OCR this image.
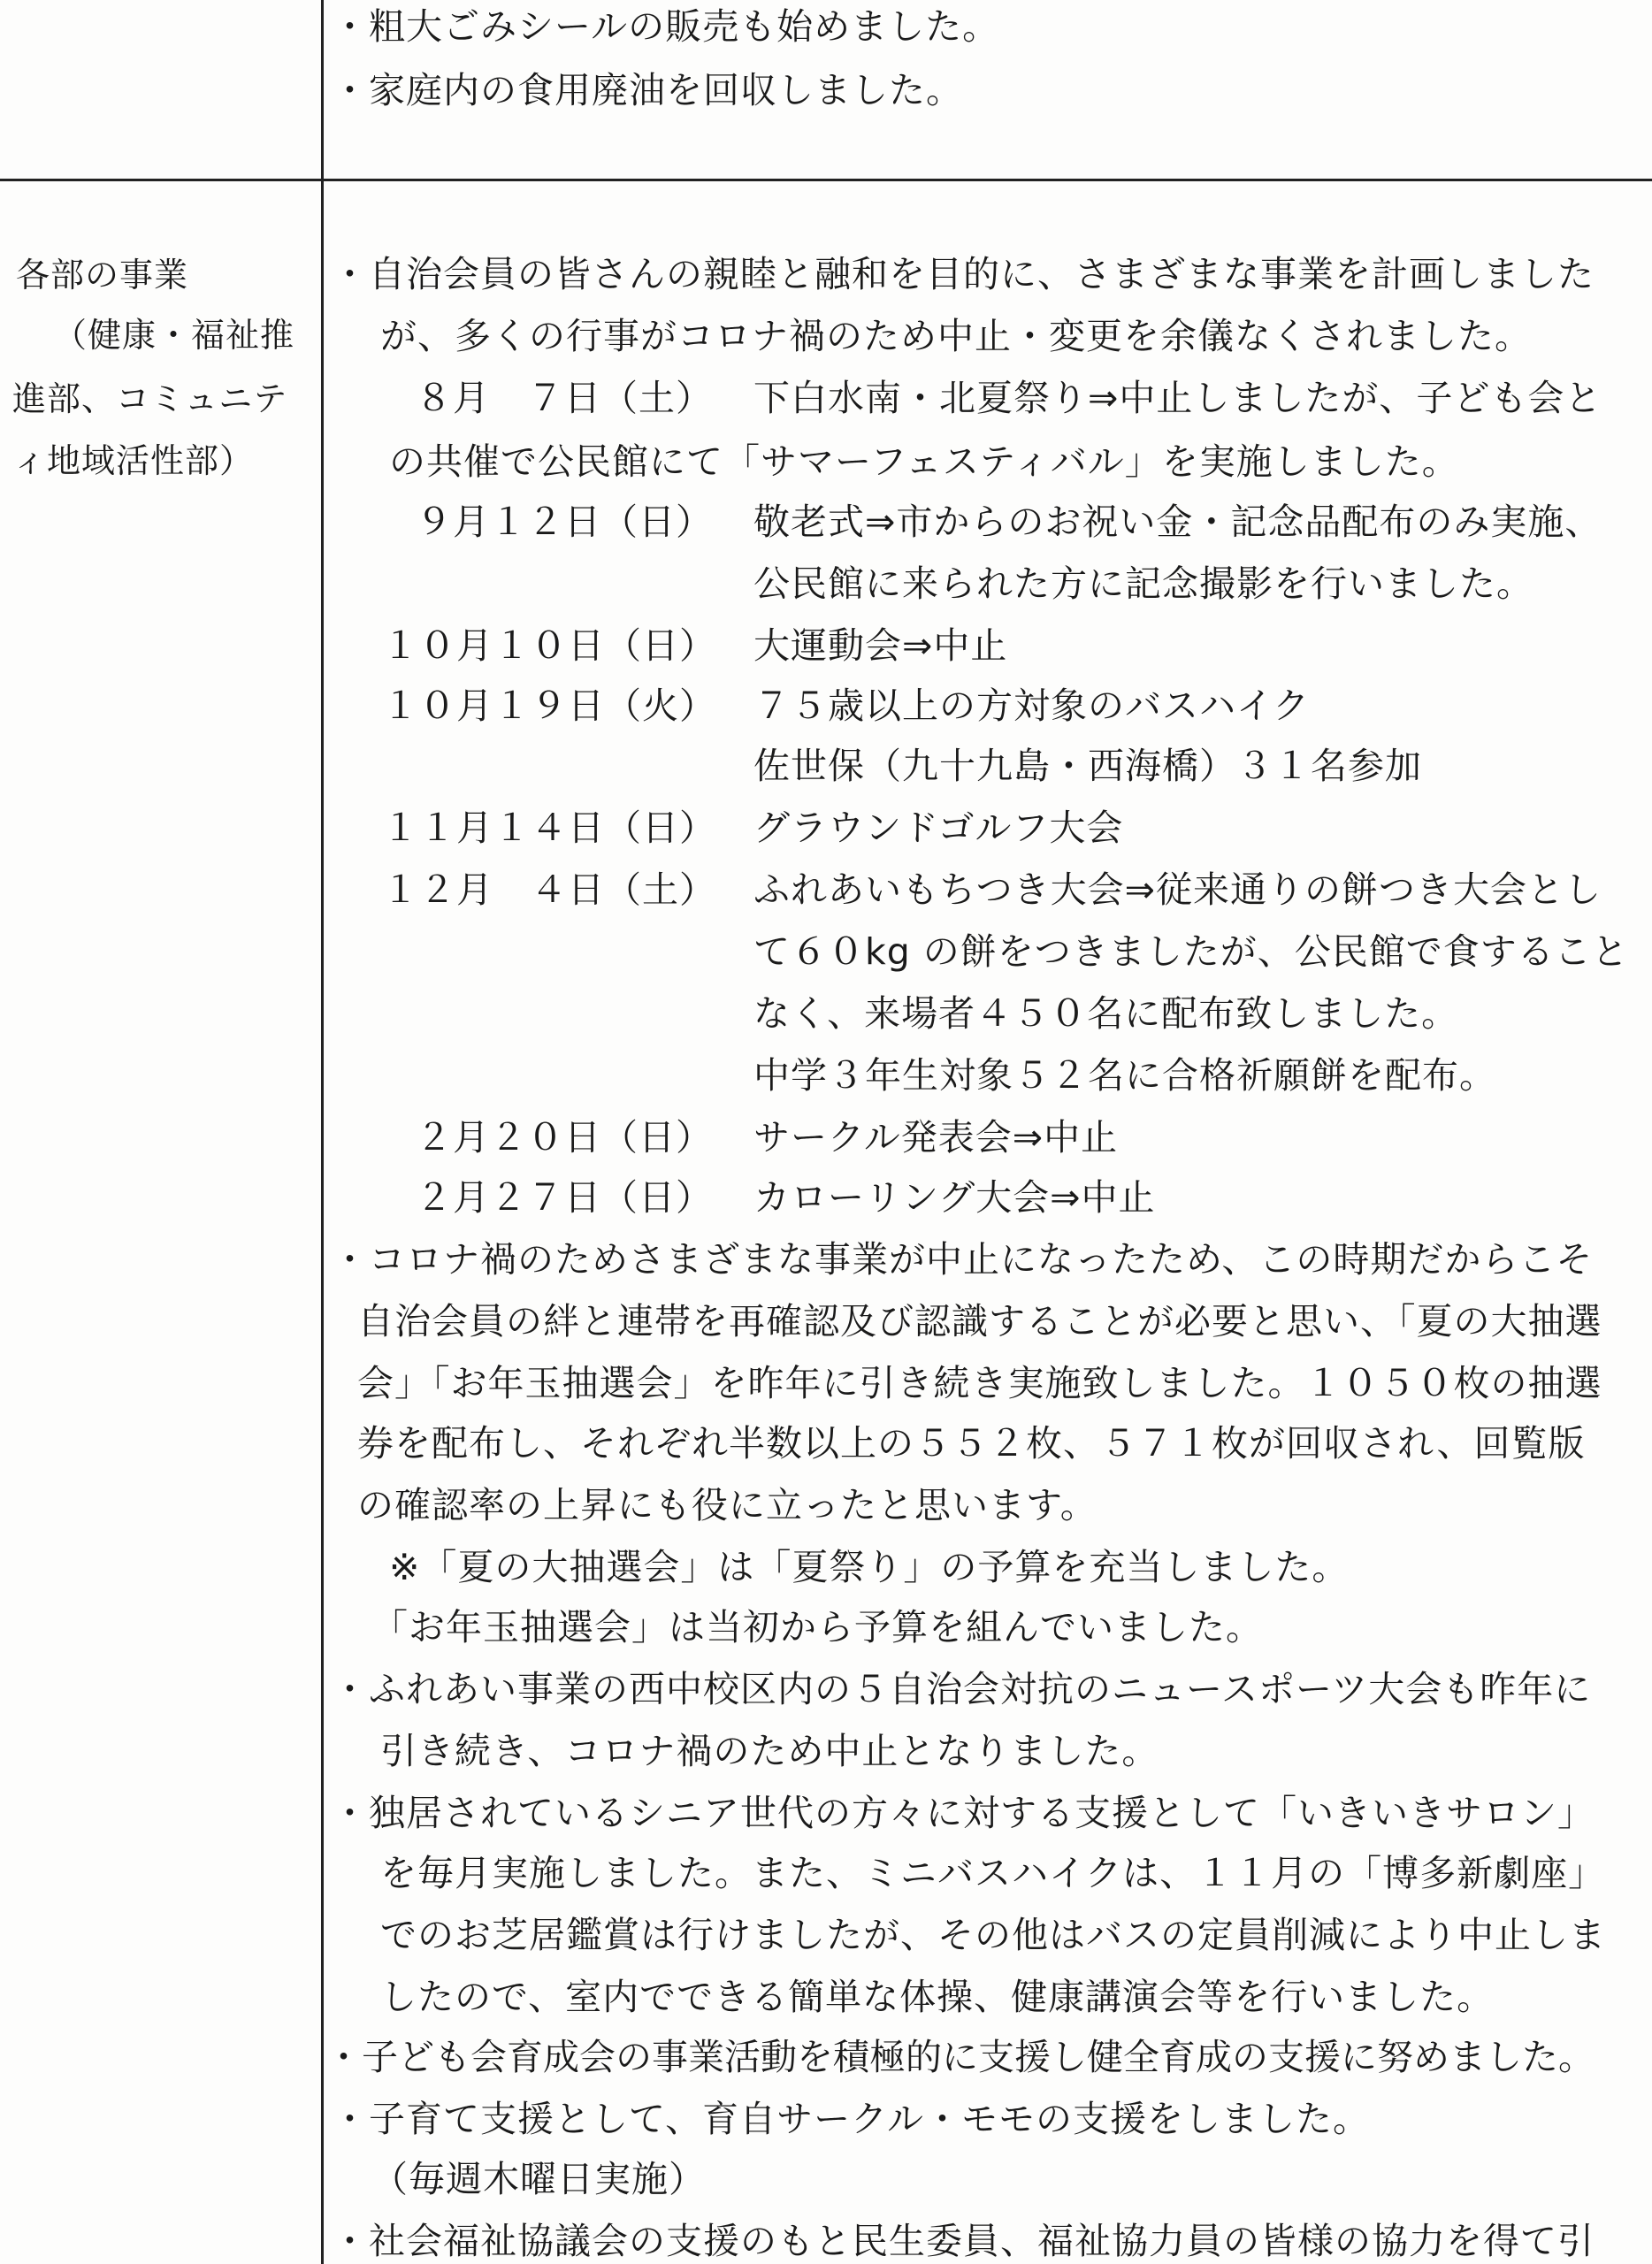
・粗大ごみシールの販売も始めました。
・家庭内の食用廃油を回収しました。
各部の事業
（健康・福祉推
進部、コミュニテ
ィ地域活性部）
・自治会員の皆さんの親睦と融和を目的に、さまざまな事業を計画しました
が、多くの行事がコロナ禍のため中止・変更を余儀なくされました。
８月　７日（土） 下白水南・北夏祭り⇒中止しましたが、子ども会と
の共催で公民館にて「サマーフェスティバル」を実施しました。
９月１２日（日） 敬老式⇒市からのお祝い金・記念品配布のみ実施、
公民館に来られた方に記念撮影を行いました。
１０月１０日（日） 大運動会⇒中止
１０月１９日（火） ７５歳以上の方対象のバスハイク
佐世保（九十九島・西海橋）３１名参加
１１月１４日（日） グラウンドゴルフ大会
１２月　４日（土） ふれあいもちつき大会⇒従来通りの餅つき大会とし
て６０kg の餅をつきましたが、公民館で食すること
なく、来場者４５０名に配布致しました。
中学３年生対象５２名に合格祈願餅を配布。
２月２０日（日） サークル発表会⇒中止
２月２７日（日） カローリング大会⇒中止
・コロナ禍のためさまざまな事業が中止になったため、この時期だからこそ
自治会員の絆と連帯を再確認及び認識することが必要と思い、「夏の大抽選
会」「お年玉抽選会」を昨年に引き続き実施致しました。１０５０枚の抽選
券を配布し、それぞれ半数以上の５５２枚、５７１枚が回収され、回覧版
の確認率の上昇にも役に立ったと思います。
※「夏の大抽選会」は「夏祭り」の予算を充当しました。
「お年玉抽選会」は当初から予算を組んでいました。
・ふれあい事業の西中校区内の５自治会対抗のニュースポーツ大会も昨年に
引き続き、コロナ禍のため中止となりました。
・独居されているシニア世代の方々に対する支援として「いきいきサロン」
を毎月実施しました。また、ミニバスハイクは、１１月の「博多新劇座」
でのお芝居鑑賞は行けましたが、その他はバスの定員削減により中止しま
したので、室内でできる簡単な体操、健康講演会等を行いました。
・子ども会育成会の事業活動を積極的に支援し健全育成の支援に努めました。
・子育て支援として、育自サークル・モモの支援をしました。
（毎週木曜日実施）
・社会福祉協議会の支援のもと民生委員、福祉協力員の皆様の協力を得て引
